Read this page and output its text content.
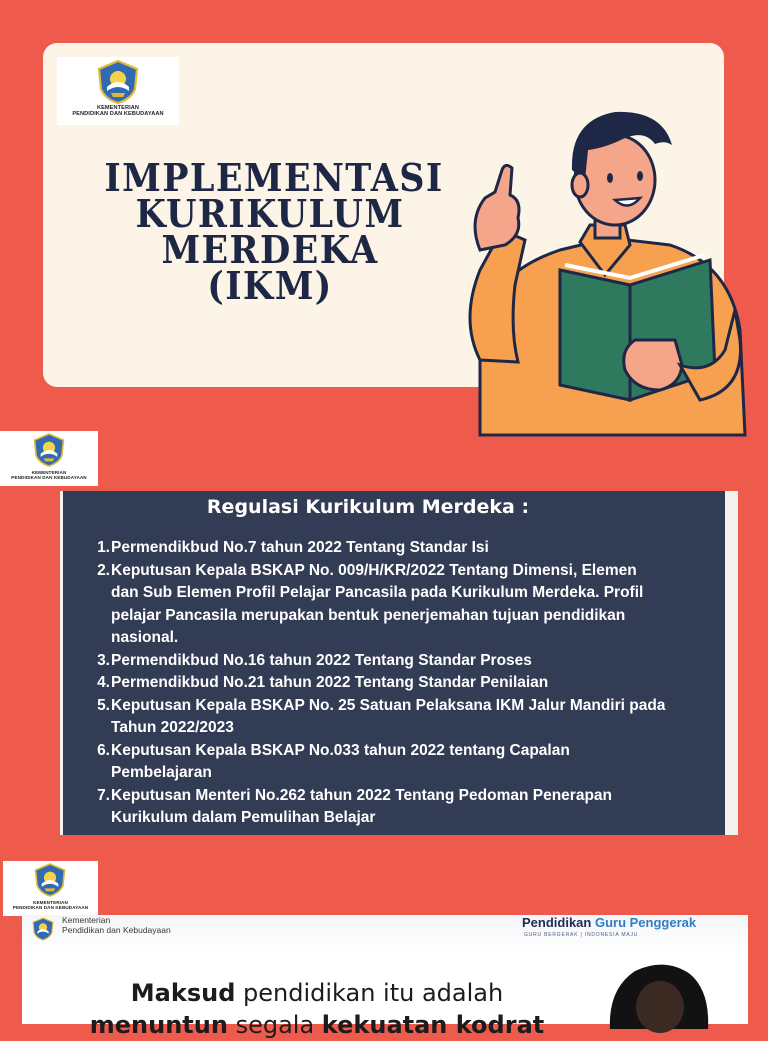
KEMENTERIAN
PENDIDIKAN DAN KEBUDAYAAN
IMPLEMENTASI
KURIKULUM
MERDEKA (IKM)
KEMENTERIAN
PENDIDIKAN DAN KEBUDAYAAN
Regulasi Kurikulum Merdeka :
1. Permendikbud No.7 tahun 2022 Tentang Standar Isi
2. Keputusan Kepala BSKAP No. 009/H/KR/2022 Tentang Dimensi, Elemen
dan Sub Elemen Profil Pelajar Pancasila pada Kurikulum Merdeka. Profil
pelajar Pancasila merupakan bentuk penerjemahan tujuan pendidikan
nasional.
3. Permendikbud No.16 tahun 2022 Tentang Standar Proses
4. Permendikbud No.21 tahun 2022 Tentang Standar Penilaian
5. Keputusan Kepala BSKAP No. 25 Satuan Pelaksana IKM Jalur Mandiri pada
Tahun 2022/2023
6. Keputusan Kepala BSKAP No.033 tahun 2022 tentang Capalan
Pembelajaran
7. Keputusan Menteri No.262 tahun 2022 Tentang Pedoman Penerapan
Kurikulum dalam Pemulihan Belajar
KEMENTERIAN
PENDIDIKAN DAN KEBUDAYAAN
Kementerian
Pendidikan dan Kebudayaan	Pendidikan Guru Penggerak
GURU BERGERAK | INDONESIA MAJU
Maksud pendidikan itu adalah
menuntun segala kekuatan kodrat
